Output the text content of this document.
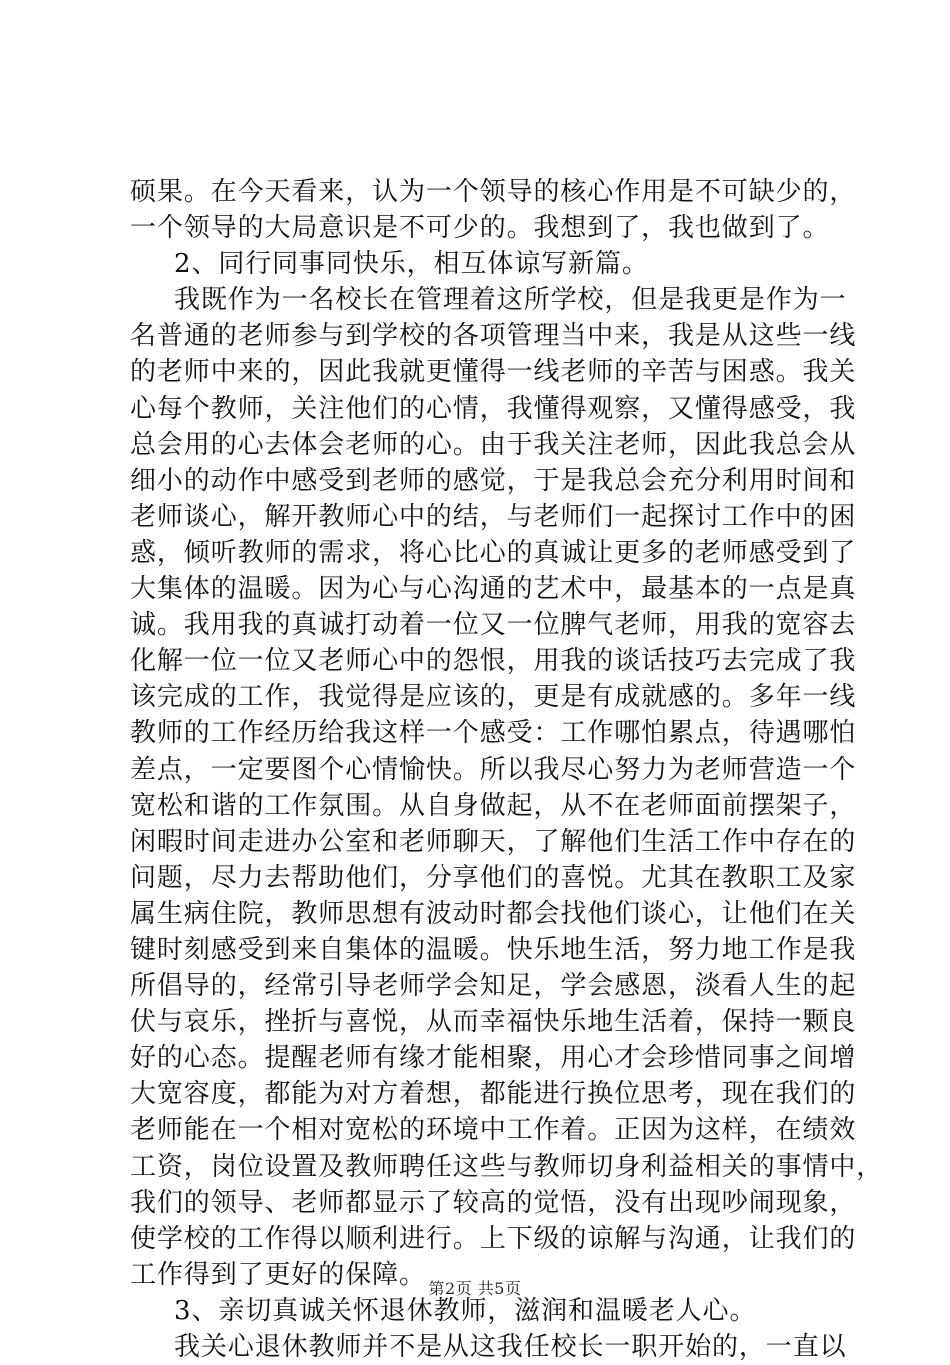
硕果。在今天看来，认为一个领导的核心作用是不可缺少的，
一个领导的大局意识是不可少的。我想到了，我也做到了。
2、同行同事同快乐，相互体谅写新篇。
我既作为一名校长在管理着这所学校，但是我更是作为一
名普通的老师参与到学校的各项管理当中来，我是从这些一线
的老师中来的，因此我就更懂得一线老师的辛苦与困惑。我关
心每个教师，关注他们的心情，我懂得观察，又懂得感受，我
总会用的心去体会老师的心。由于我关注老师，因此我总会从
细小的动作中感受到老师的感觉，于是我总会充分利用时间和
老师谈心，解开教师心中的结，与老师们一起探讨工作中的困
惑，倾听教师的需求，将心比心的真诚让更多的老师感受到了
大集体的温暖。因为心与心沟通的艺术中，最基本的一点是真
诚。我用我的真诚打动着一位又一位脾气老师，用我的宽容去
化解一位一位又老师心中的怨恨，用我的谈话技巧去完成了我
该完成的工作，我觉得是应该的，更是有成就感的。多年一线
教师的工作经历给我这样一个感受：工作哪怕累点，待遇哪怕
差点，一定要图个心情愉快。所以我尽心努力为老师营造一个
宽松和谐的工作氛围。从自身做起，从不在老师面前摆架子，
闲暇时间走进办公室和老师聊天，了解他们生活工作中存在的
问题，尽力去帮助他们，分享他们的喜悦。尤其在教职工及家
属生病住院，教师思想有波动时都会找他们谈心，让他们在关
键时刻感受到来自集体的温暖。快乐地生活，努力地工作是我
所倡导的，经常引导老师学会知足，学会感恩，淡看人生的起
伏与哀乐，挫折与喜悦，从而幸福快乐地生活着，保持一颗良
好的心态。提醒老师有缘才能相聚，用心才会珍惜同事之间增
大宽容度，都能为对方着想，都能进行换位思考，现在我们的
老师能在一个相对宽松的环境中工作着。正因为这样，在绩效
工资，岗位设置及教师聘任这些与教师切身利益相关的事情中，
我们的领导、老师都显示了较高的觉悟，没有出现吵闹现象，
使学校的工作得以顺利进行。上下级的谅解与沟通，让我们的
工作得到了更好的保障。
3、亲切真诚关怀退休教师，滋润和温暖老人心。
我关心退休教师并不是从这我任校长一职开始的，一直以
第2页 共5页
